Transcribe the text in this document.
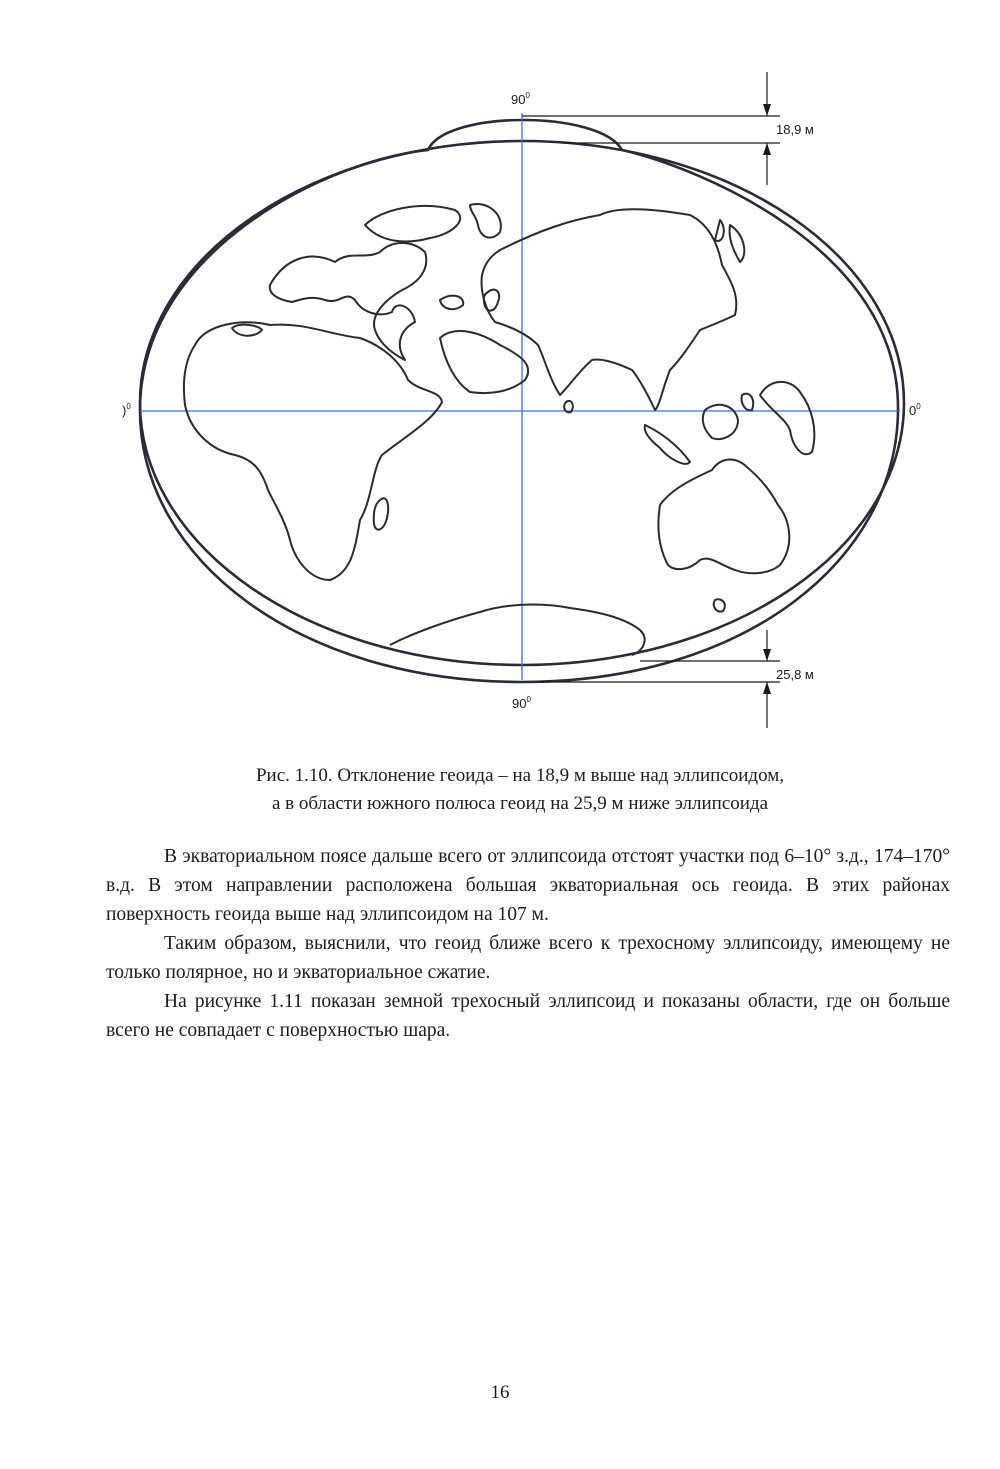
$90^0$
$90^0$
)$^0$	$0^0$
18,9 м
25,8 м
Рис. 1.10. Отклонение геоида – на 18,9 м выше над эллипсоидом,
а в области южного полюса геоид на 25,9 м ниже эллипсоида

В экваториальном поясе дальше всего от эллипсоида отстоят участки под 6–10° з.д., 174–170° в.д. В этом направлении расположена большая экваториальная ось геоида. В этих районах поверхность геоида выше над эллипсоидом на 107 м.

Таким образом, выяснили, что геоид ближе всего к трехосному эллипсоиду, имеющему не только полярное, но и экваториальное сжатие.

На рисунке 1.11 показан земной трехосный эллипсоид и показаны области, где он больше всего не совпадает с поверхностью шара.

16
